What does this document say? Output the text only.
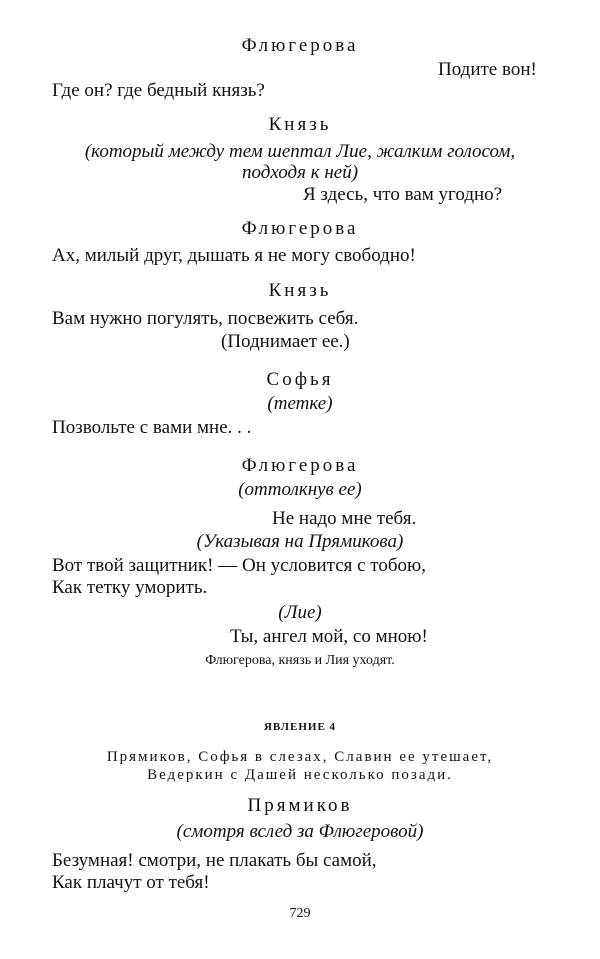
Флюгерова
Подите вон!
Где он? где бедный князь?
Князь
(который между тем шептал Лие, жалким голосом,
подходя к ней)
Я здесь, что вам угодно?
Флюгерова
Ах, милый друг, дышать я не могу свободно!
Князь
Вам нужно погулять, посвежить себя.
(Поднимает ее.)
Софья
(тетке)
Позвольте с вами мне. . .
Флюгерова
(оттолкнув ее)
Не надо мне тебя.
(Указывая на Прямикова)
Вот твой защитник! — Он условится с тобою,
Как тетку уморить.
(Лие)
Ты, ангел мой, со мною!
Флюгерова, князь и Лия уходят.
ЯВЛЕНИЕ 4
Прямиков, Софья в слезах, Славин ее утешает,
Ведеркин с Дашей несколько позади.
Прямиков
(смотря вслед за Флюгеровой)
Безумная! смотри, не плакать бы самой,
Как плачут от тебя!
729
